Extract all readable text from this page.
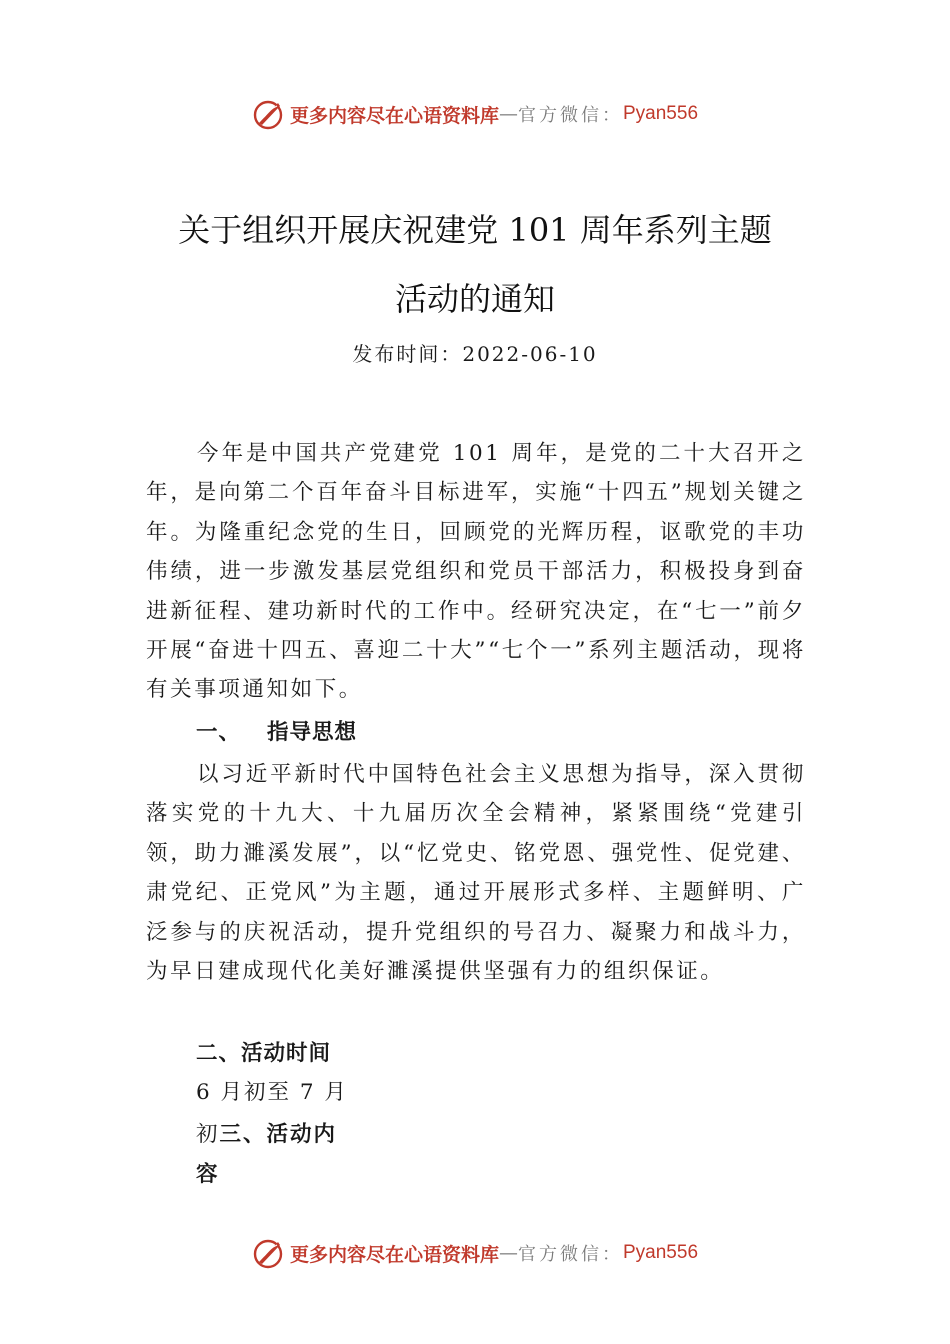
更多内容尽在心语资料库 — 官方微信： Pyan556
关于组织开展庆祝建党 101 周年系列主题
活动的通知
发布时间：2022-06-10

今年是中国共产党建党 101 周年，是党的二十大召开之年，是向第二个百年奋斗目标进军，实施“十四五”规划关键之年。为隆重纪念党的生日，回顾党的光辉历程，讴歌党的丰功伟绩，进一步激发基层党组织和党员干部活力，积极投身到奋进新征程、建功新时代的工作中。经研究决定，在“七一”前夕开展“奋进十四五、喜迎二十大”“七个一”系列主题活动，现将有关事项通知如下。

一、 指导思想

以习近平新时代中国特色社会主义思想为指导，深入贯彻落实党的十九大、十九届历次全会精神，紧紧围绕“党建引领，助力濉溪发展”，以“忆党史、铭党恩、强党性、促党建、肃党纪、正党风”为主题，通过开展形式多样、主题鲜明、广泛参与的庆祝活动，提升党组织的号召力、凝聚力和战斗力，为早日建成现代化美好濉溪提供坚强有力的组织保证。

二、活动时间

6 月初至 7 月

初三、活动内

容

更多内容尽在心语资料库 — 官方微信： Pyan556
